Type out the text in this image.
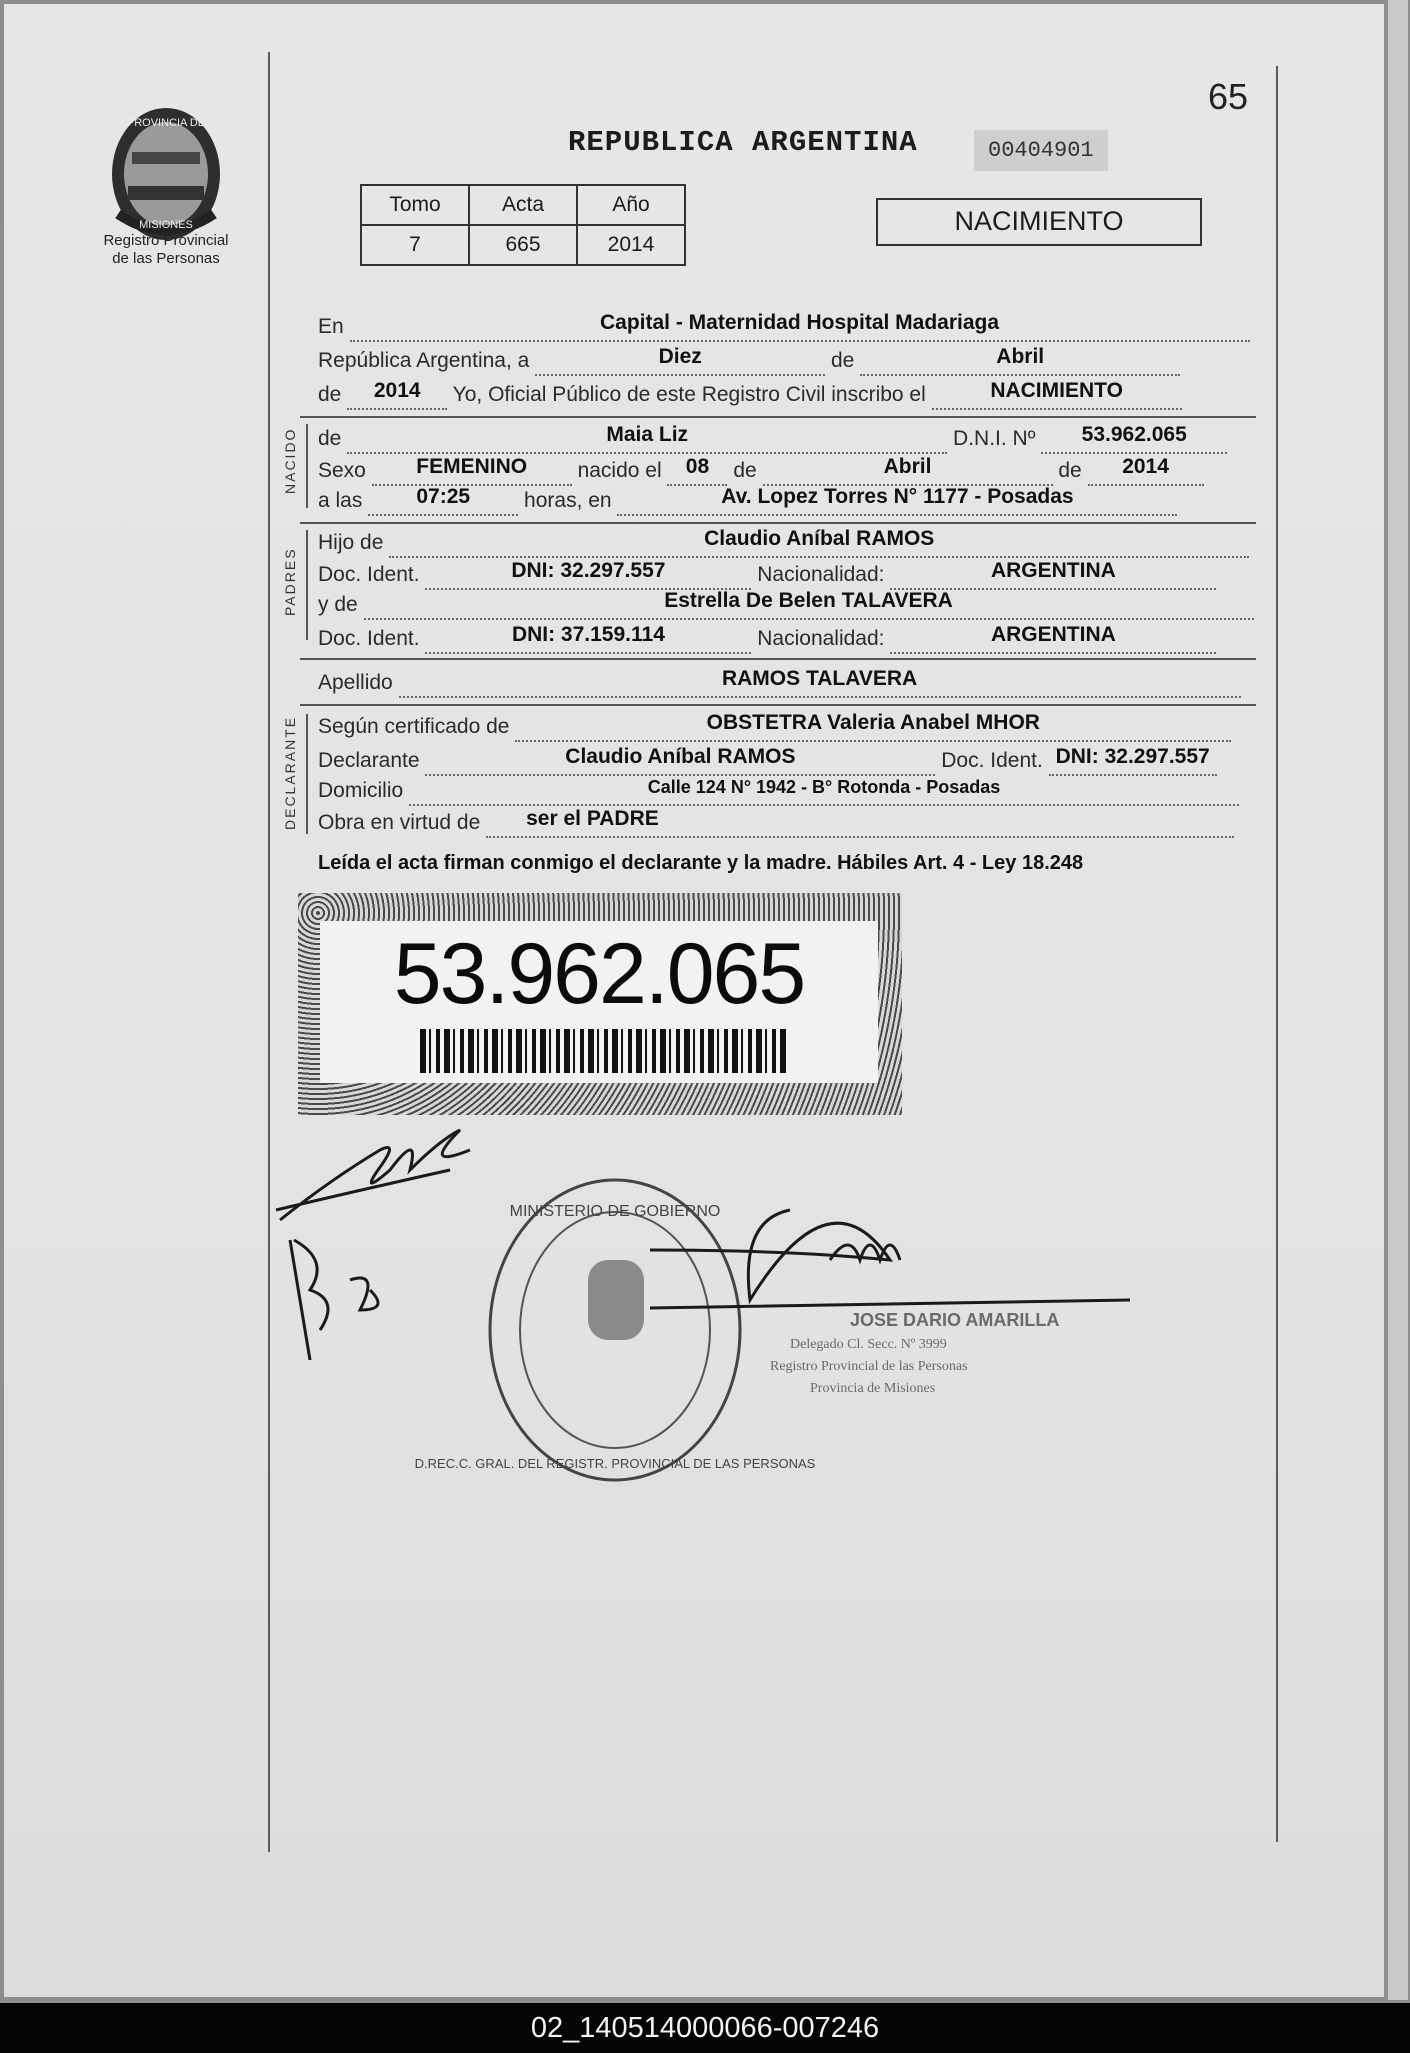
PROVINCIA DE
MISIONES
Registro Provincial
de las Personas
65
REPUBLICA ARGENTINA	00404901
Tomo	Acta	Año
7	665	2014
NACIMIENTO
En	Capital - Maternidad Hospital Madariaga
República Argentina, a	Diez	de	Abril
de	2014	Yo, Oficial Público de este Registro Civil inscribo el	NACIMIENTO
NACIDO de	Maia Liz	D.N.I. Nº	53.962.065
Sexo	FEMENINO	nacido el	08	de	Abril	de	2014
a las	07:25	horas, en	Av. Lopez Torres N° 1177 - Posadas
PADRES
Hijo de	Claudio Aníbal RAMOS
Doc. Ident.	DNI: 32.297.557	Nacionalidad:	ARGENTINA
y de	Estrella De Belen TALAVERA
Doc. Ident.	DNI: 37.159.114	Nacionalidad:	ARGENTINA
Apellido	RAMOS TALAVERA
DECLARANTE Según certificado de	OBSTETRA Valeria Anabel MHOR
Declarante	Claudio Aníbal RAMOS	Doc. Ident. DNI: 32.297.557
Domicilio	Calle 124 N° 1942 - B° Rotonda - Posadas
Obra en virtud de	ser el PADRE
Leída el acta firman conmigo el declarante y la madre. Hábiles Art. 4 - Ley 18.248
53.962.065
MINISTERIO DE GOBIERNO
D.REC.C. GRAL. DEL REGISTR. PROVINCIAL DE LAS PERSONAS
JOSE DARIO AMARILLA
Delegado Cl. Secc. Nº 3999
Registro Provincial de las Personas
Provincia de Misiones
02_140514000066-007246
